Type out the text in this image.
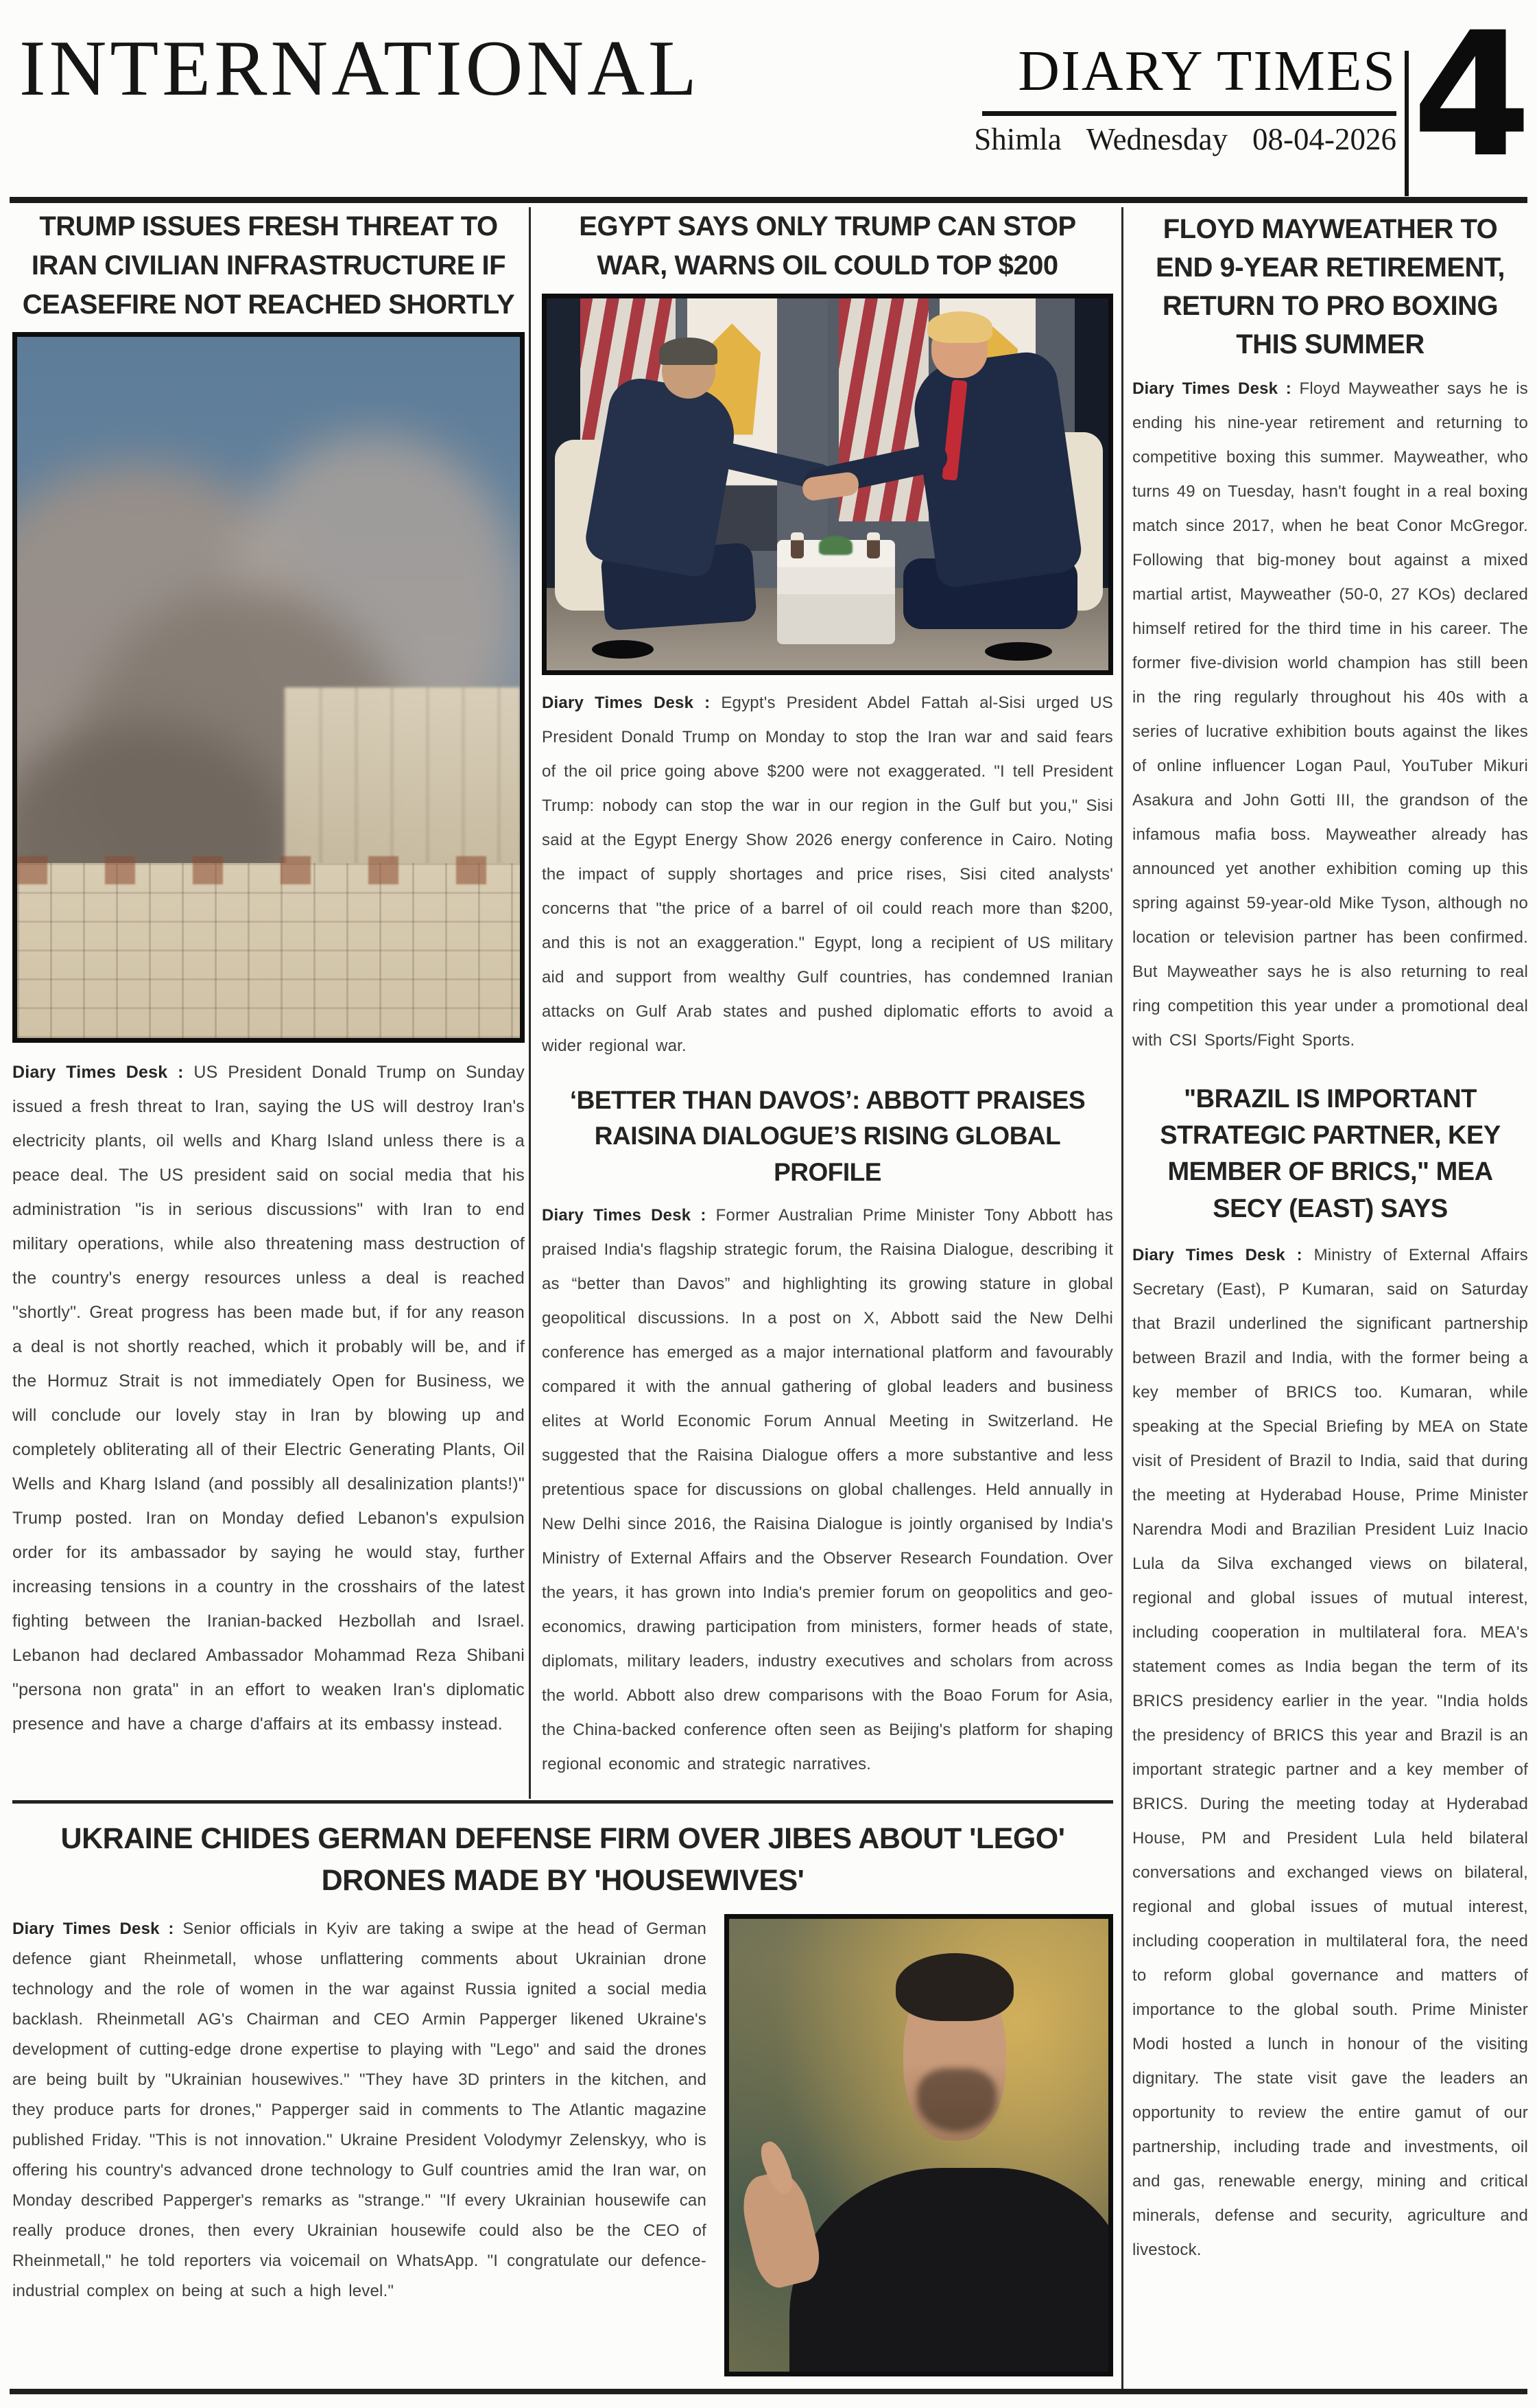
INTERNATIONAL	DIARY TIMES
Shimla Wednesday 08-04-2026 4
TRUMP ISSUES FRESH THREAT TO IRAN CIVILIAN INFRASTRUCTURE IF CEASEFIRE NOT REACHED SHORTLY

Diary Times Desk : US President Donald Trump on Sunday issued a fresh threat to Iran, saying the US will destroy Iran's electricity plants, oil wells and Kharg Island unless there is a peace deal. The US president said on social media that his administration "is in serious discussions" with Iran to end military operations, while also threatening mass destruction of the country's energy resources unless a deal is reached "shortly". Great progress has been made but, if for any reason a deal is not shortly reached, which it probably will be, and if the Hormuz Strait is not immediately Open for Business, we will conclude our lovely stay in Iran by blowing up and completely obliterating all of their Electric Generating Plants, Oil Wells and Kharg Island (and possibly all desalinization plants!)" Trump posted. Iran on Monday defied Lebanon's expulsion order for its ambassador by saying he would stay, further increasing tensions in a country in the crosshairs of the latest fighting between the Iranian-backed Hezbollah and Israel. Lebanon had declared Ambassador Mohammad Reza Shibani "persona non grata" in an effort to weaken Iran's diplomatic presence and have a charge d'affairs at its embassy instead.

EGYPT SAYS ONLY TRUMP CAN STOP WAR, WARNS OIL COULD TOP $200

Diary Times Desk : Egypt's President Abdel Fattah al-Sisi urged US President Donald Trump on Monday to stop the Iran war and said fears of the oil price going above $200 were not exaggerated. "I tell President Trump: nobody can stop the war in our region in the Gulf but you," Sisi said at the Egypt Energy Show 2026 energy conference in Cairo. Noting the impact of supply shortages and price rises, Sisi cited analysts' concerns that "the price of a barrel of oil could reach more than $200, and this is not an exaggeration." Egypt, long a recipient of US military aid and support from wealthy Gulf countries, has condemned Iranian attacks on Gulf Arab states and pushed diplomatic efforts to avoid a wider regional war.

‘BETTER THAN DAVOS’: ABBOTT PRAISES RAISINA DIALOGUE’S RISING GLOBAL PROFILE

Diary Times Desk : Former Australian Prime Minister Tony Abbott has praised India's flagship strategic forum, the Raisina Dialogue, describing it as “better than Davos” and highlighting its growing stature in global geopolitical discussions. In a post on X, Abbott said the New Delhi conference has emerged as a major international platform and favourably compared it with the annual gathering of global leaders and business elites at World Economic Forum Annual Meeting in Switzerland. He suggested that the Raisina Dialogue offers a more substantive and less pretentious space for discussions on global challenges. Held annually in New Delhi since 2016, the Raisina Dialogue is jointly organised by India's Ministry of External Affairs and the Observer Research Foundation. Over the years, it has grown into India's premier forum on geopolitics and geo-economics, drawing participation from ministers, former heads of state, diplomats, military leaders, industry executives and scholars from across the world. Abbott also drew comparisons with the Boao Forum for Asia, the China-backed conference often seen as Beijing's platform for shaping regional economic and strategic narratives.

FLOYD MAYWEATHER TO END 9-YEAR RETIREMENT, RETURN TO PRO BOXING THIS SUMMER

Diary Times Desk : Floyd Mayweather says he is ending his nine-year retirement and returning to competitive boxing this summer. Mayweather, who turns 49 on Tuesday, hasn't fought in a real boxing match since 2017, when he beat Conor McGregor. Following that big-money bout against a mixed martial artist, Mayweather (50-0, 27 KOs) declared himself retired for the third time in his career. The former five-division world champion has still been in the ring regularly throughout his 40s with a series of lucrative exhibition bouts against the likes of online influencer Logan Paul, YouTuber Mikuri Asakura and John Gotti III, the grandson of the infamous mafia boss. Mayweather already has announced yet another exhibition coming up this spring against 59-year-old Mike Tyson, although no location or television partner has been confirmed. But Mayweather says he is also returning to real ring competition this year under a promotional deal with CSI Sports/Fight Sports.

"BRAZIL IS IMPORTANT STRATEGIC PARTNER, KEY MEMBER OF BRICS," MEA SECY (EAST) SAYS

Diary Times Desk : Ministry of External Affairs Secretary (East), P Kumaran, said on Saturday that Brazil underlined the significant partnership between Brazil and India, with the former being a key member of BRICS too. Kumaran, while speaking at the Special Briefing by MEA on State visit of President of Brazil to India, said that during the meeting at Hyderabad House, Prime Minister Narendra Modi and Brazilian President Luiz Inacio Lula da Silva exchanged views on bilateral, regional and global issues of mutual interest, including cooperation in multilateral fora. MEA's statement comes as India began the term of its BRICS presidency earlier in the year. "India holds the presidency of BRICS this year and Brazil is an important strategic partner and a key member of BRICS. During the meeting today at Hyderabad House, PM and President Lula held bilateral conversations and exchanged views on bilateral, regional and global issues of mutual interest, including cooperation in multilateral fora, the need to reform global governance and matters of importance to the global south. Prime Minister Modi hosted a lunch in honour of the visiting dignitary. The state visit gave the leaders an opportunity to review the entire gamut of our partnership, including trade and investments, oil and gas, renewable energy, mining and critical minerals, defense and security, agriculture and livestock.

UKRAINE CHIDES GERMAN DEFENSE FIRM OVER JIBES ABOUT 'LEGO' DRONES MADE BY 'HOUSEWIVES'

Diary Times Desk : Senior officials in Kyiv are taking a swipe at the head of German defence giant Rheinmetall, whose unflattering comments about Ukrainian drone technology and the role of women in the war against Russia ignited a social media backlash. Rheinmetall AG's Chairman and CEO Armin Papperger likened Ukraine's development of cutting-edge drone expertise to playing with "Lego" and said the drones are being built by "Ukrainian housewives." "They have 3D printers in the kitchen, and they produce parts for drones," Papperger said in comments to The Atlantic magazine published Friday. "This is not innovation." Ukraine President Volodymyr Zelenskyy, who is offering his country's advanced drone technology to Gulf countries amid the Iran war, on Monday described Papperger's remarks as "strange." "If every Ukrainian housewife can really produce drones, then every Ukrainian housewife could also be the CEO of Rheinmetall," he told reporters via voicemail on WhatsApp. "I congratulate our defence-industrial complex on being at such a high level."
